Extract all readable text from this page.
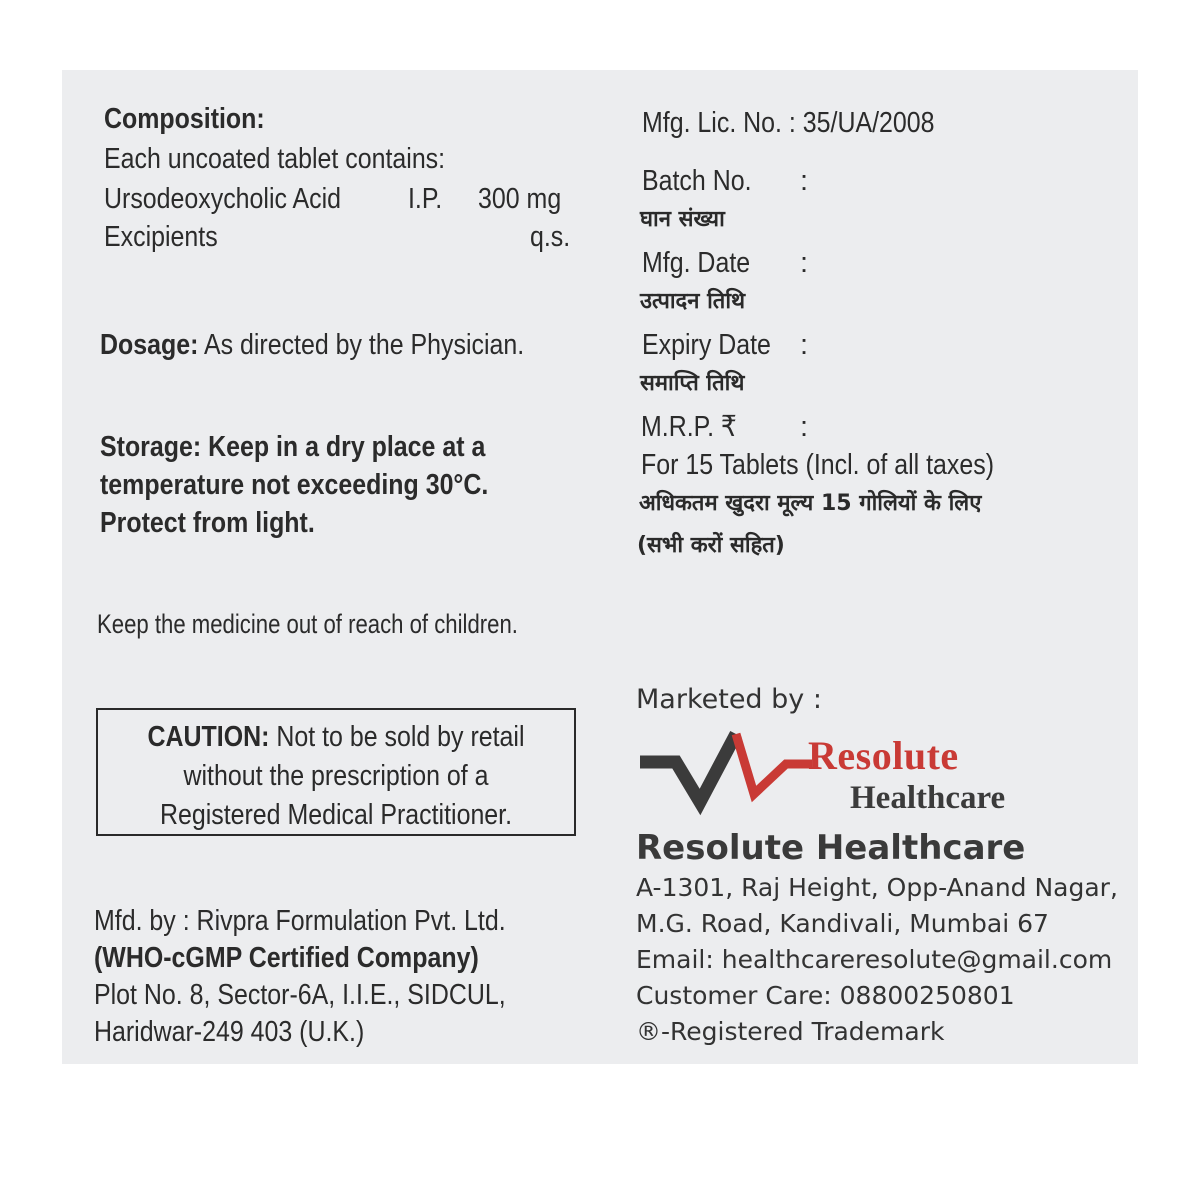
Composition:
Each uncoated tablet contains:
Ursodeoxycholic Acid I.P. 300 mg
Excipients	q.s.
Dosage: As directed by the Physician.
Storage: Keep in a dry place at a
temperature not exceeding 30°C.
Protect from light.
Keep the medicine out of reach of children.
CAUTION: Not to be sold by retail
without the prescription of a
Registered Medical Practitioner.
Mfd. by : Rivpra Formulation Pvt. Ltd.
(WHO-cGMP Certified Company)
Plot No. 8, Sector-6A, I.I.E., SIDCUL,
Haridwar-249 403 (U.K.)
Mfg. Lic. No. : 35/UA/2008
Batch No. :
घान संख्या
Mfg. Date :
उत्पादन तिथि
Expiry Date :
समाप्ति तिथि
M.R.P. ₹ :
For 15 Tablets (Incl. of all taxes)
अधिकतम खुदरा मूल्य 15 गोलियों के लिए
(सभी करों सहित)
Marketed by :
Resolute
Healthcare
Resolute Healthcare
A-1301, Raj Height, Opp-Anand Nagar,
M.G. Road, Kandivali, Mumbai 67
Email: healthcareresolute@gmail.com
Customer Care: 08800250801
®-Registered Trademark
